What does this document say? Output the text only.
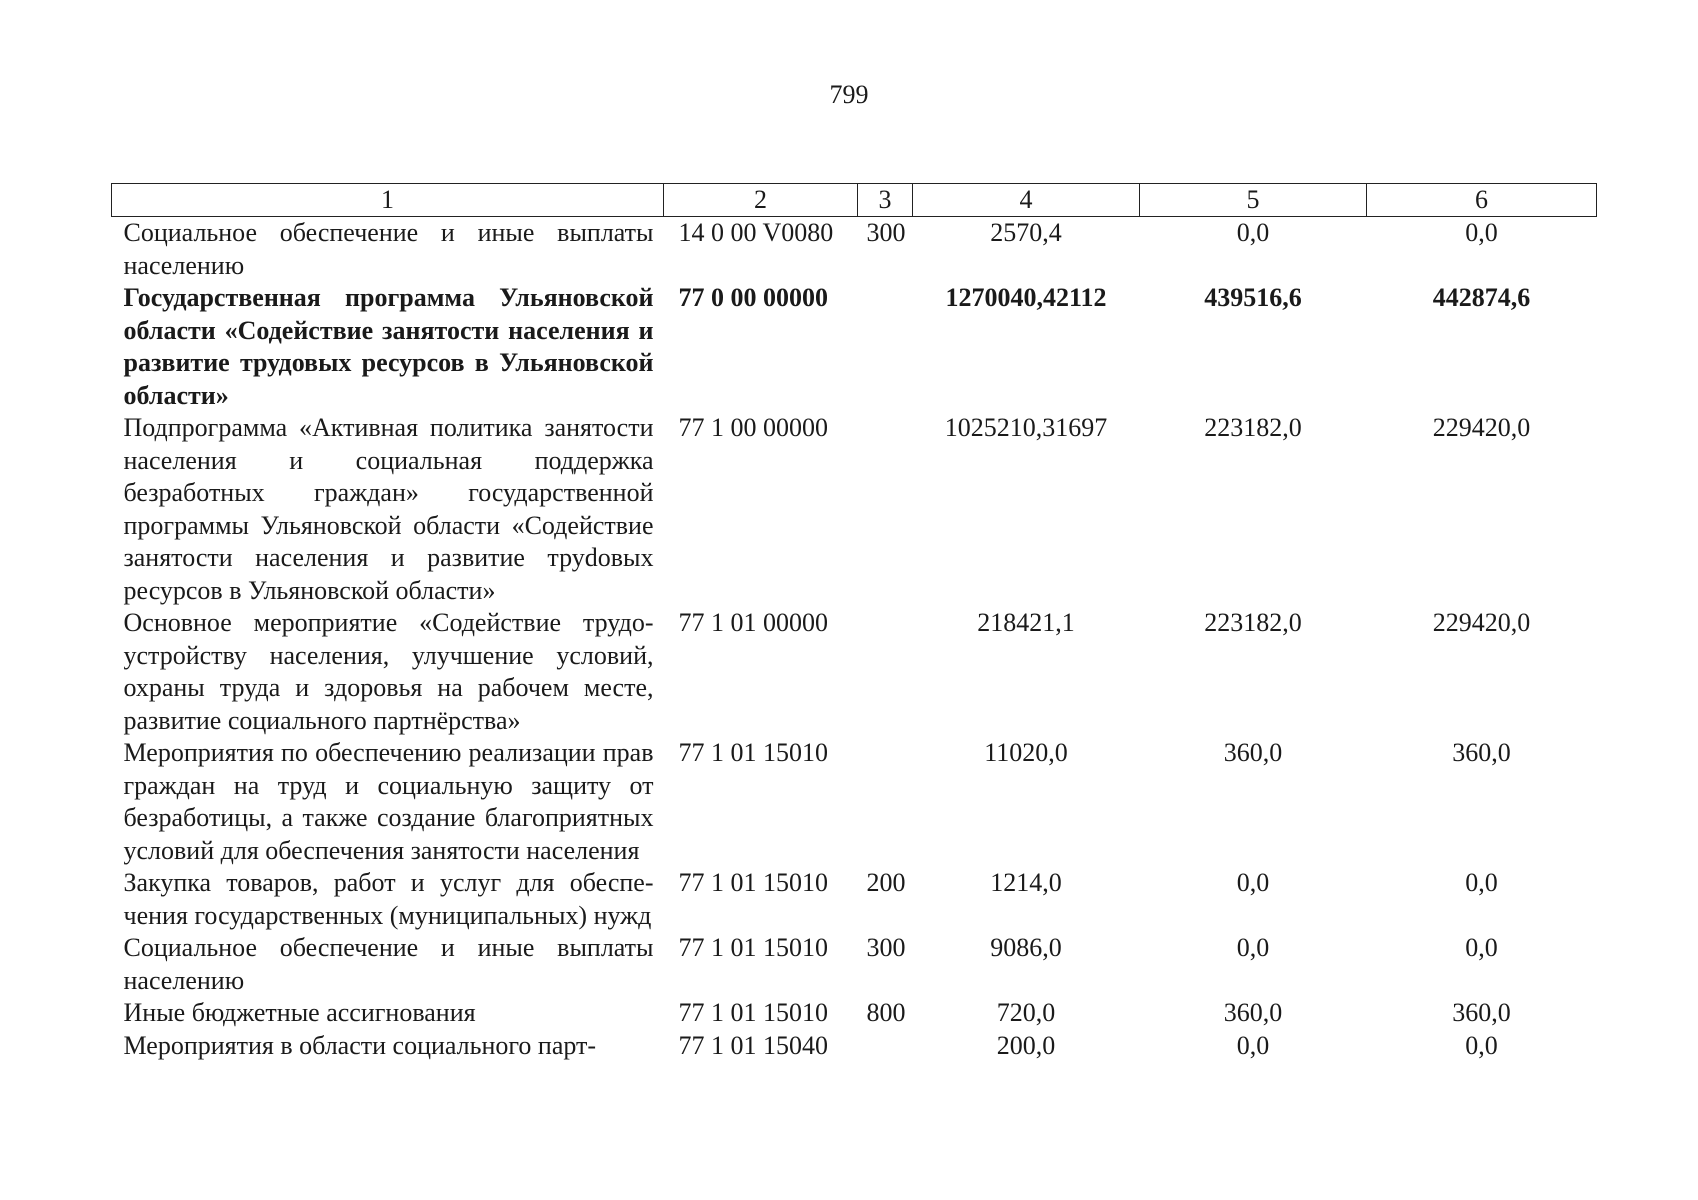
799
1	2	3	4	5	6
Социальное обеспечение и иные выплаты населению	14 0 00 V0080	300	2570,4	0,0	0,0
Государственная программа Ульяновской области «Содействие занятости населения и развитие трудовых ресурсов в Ульяновской области»	77 0 00 00000		1270040,42112	439516,6	442874,6
Подпрограмма «Активная политика занятости населения и социальная поддержка безработных граждан» государственной программы Ульяновской области «Содействие занятости населения и развитие труdовых ресурсов в Ульяновской области»	77 1 00 00000		1025210,31697	223182,0	229420,0
Основное мероприятие «Содействие трудоустройству населения, улучшение условий, охраны труда и здоровья на рабочем месте, развитие социального партнёрства»	77 1 01 00000		218421,1	223182,0	229420,0
Мероприятия по обеспечению реализации прав граждан на труд и социальную защиту от безработицы, а также создание благоприятных условий для обеспечения занятости населения	77 1 01 15010		11020,0	360,0	360,0
Закупка товаров, работ и услуг для обеспечения государственных (муниципальных) нужд	77 1 01 15010	200	1214,0	0,0	0,0
Социальное обеспечение и иные выплаты населению	77 1 01 15010	300	9086,0	0,0	0,0
Иные бюджетные ассигнования	77 1 01 15010	800	720,0	360,0	360,0
Мероприятия в области социального парт-	77 1 01 15040		200,0	0,0	0,0
